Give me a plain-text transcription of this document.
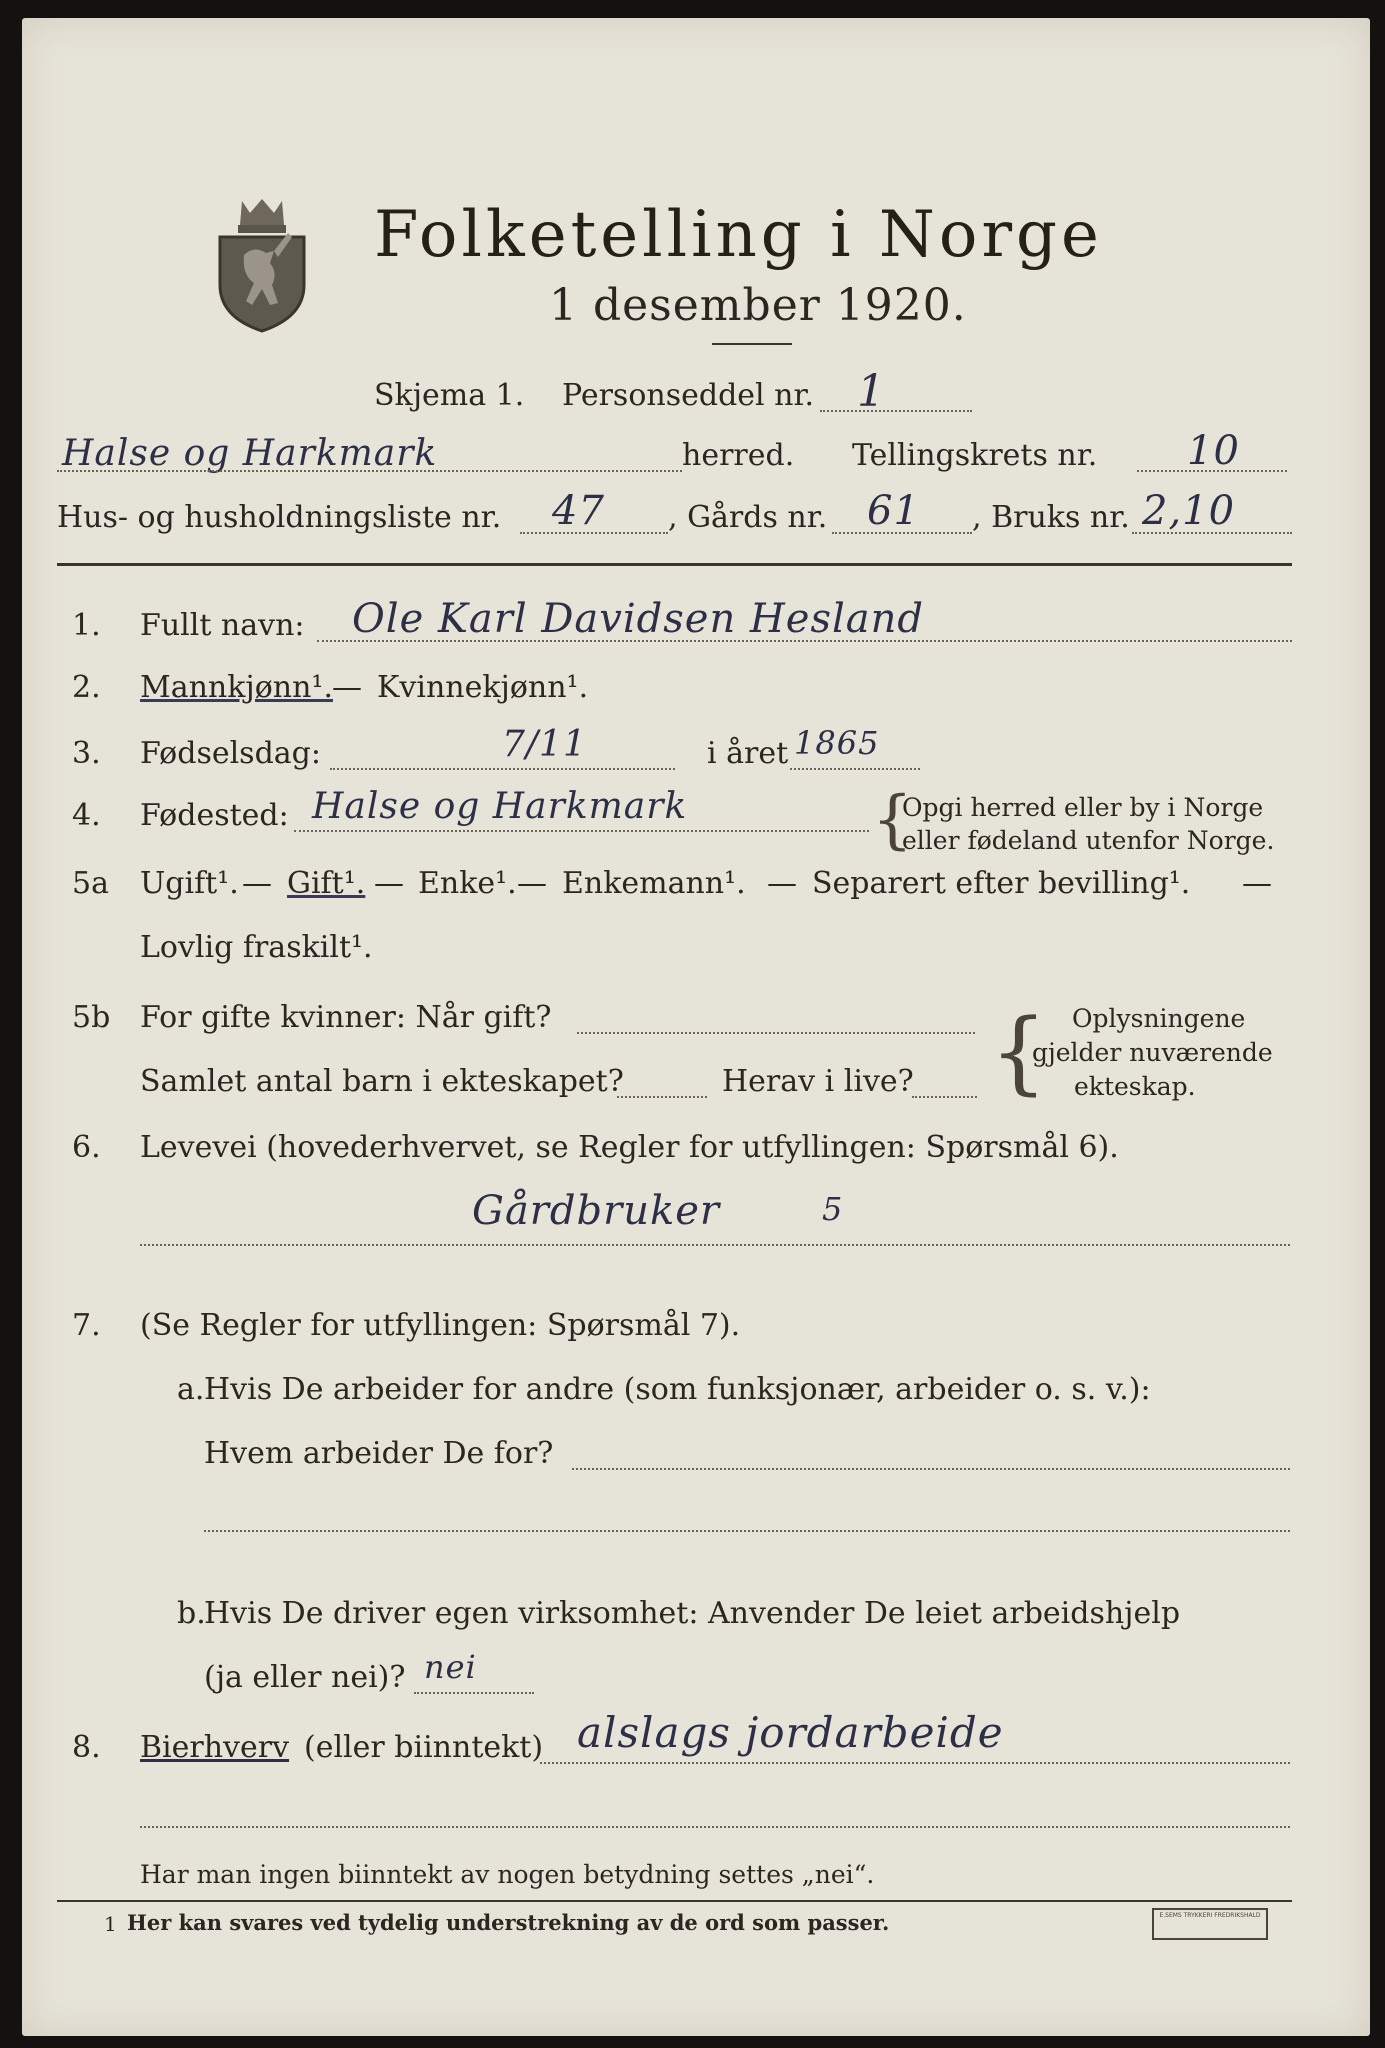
Folketelling i Norge
1 desember 1920.
Skjema 1. Personseddel nr. 1
Halse og Harkmark	herred. Tellingskrets nr. 10
Hus- og husholdningsliste nr. 47 , Gårds nr. 61 , Bruks nr. 2,10
1. Fullt navn: Ole Karl Davidsen Hesland
2. Mannkjønn¹. — Kvinnekjønn¹.
3. Fødselsdag:	7/11	i året 1865
4. Fødested: Halse og Harkmark	{
Opgi herred eller by i Norge
eller fødeland utenfor Norge.
5a Ugift¹. — Gift¹. — Enke¹. — Enkemann¹. — Separert efter bevilling¹. —
Lovlig fraskilt¹.
5b For gifte kvinner: Når gift?
Samlet antal barn i ekteskapet?	Herav i live? { Oplysningene
gjelder nuværende
ekteskap.
6. Levevei (hovederhvervet, se Regler for utfyllingen: Spørsmål 6).
Gårdbruker	5
7. (Se Regler for utfyllingen: Spørsmål 7).
a. Hvis De arbeider for andre (som funksjonær, arbeider o. s. v.):
Hvem arbeider De for?
b.
Hvis De driver egen virksomhet: Anvender De leiet arbeidshjelp
(ja eller nei)? nei
8. Bierhverv (eller biinntekt) alslags jordarbeide
Har man ingen biinntekt av nogen betydning settes „nei“.
1 Her kan svares ved tydelig understrekning av de ord som passer.	E.SEMS TRYKKERI FREDRIKSHALD
